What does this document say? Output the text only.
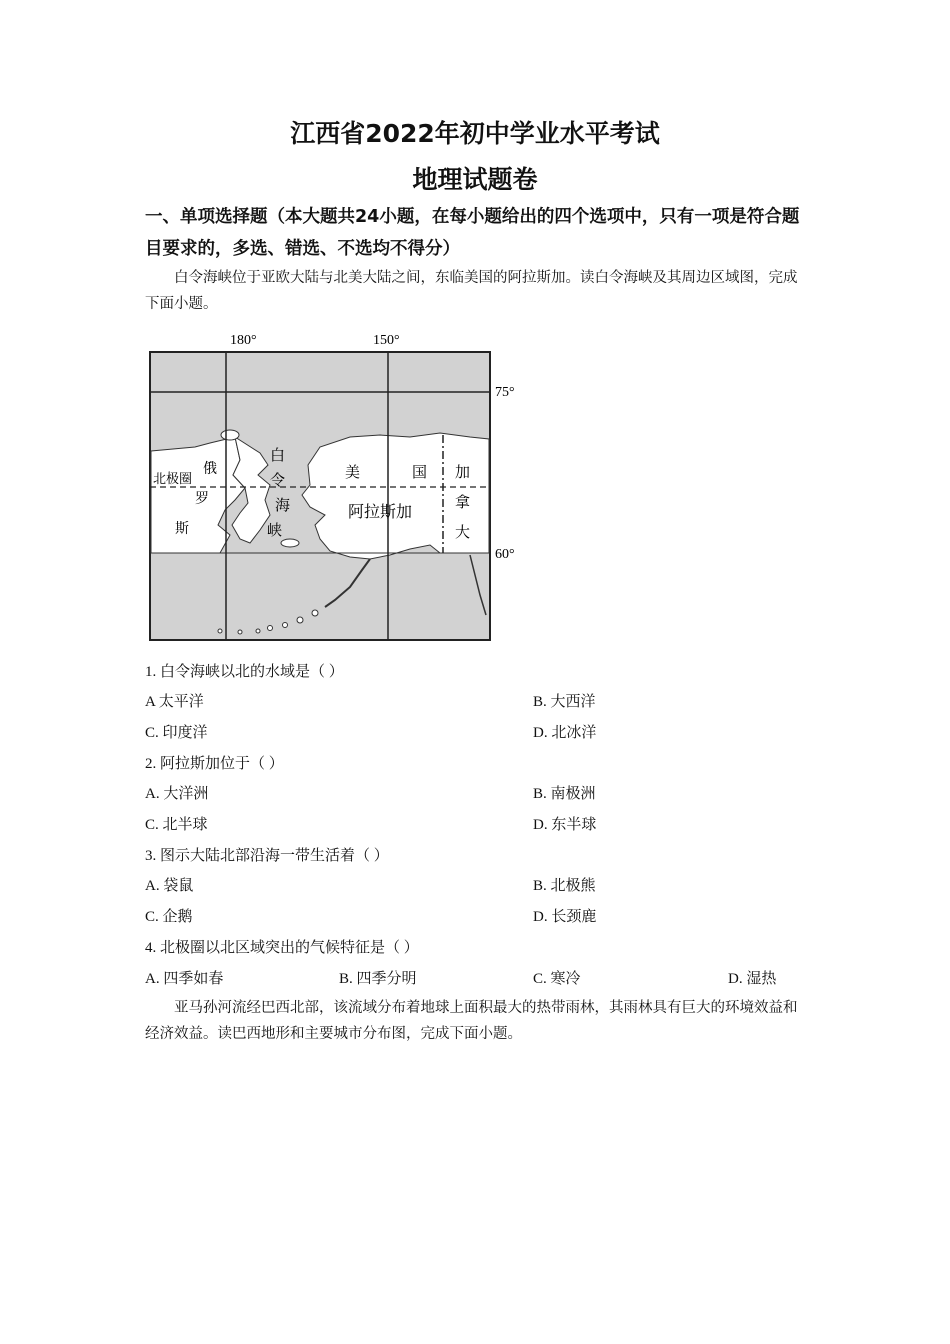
江西省2022年初中学业水平考试
地理试题卷
一、单项选择题（本大题共24小题，在每小题给出的四个选项中，只有一项是符合题目要求的，多选、错选、不选均不得分）
白令海峡位于亚欧大陆与北美大陆之间，东临美国的阿拉斯加。读白令海峡及其周边区域图，完成下面小题。
180°	150°
75°
60°
北极圈
俄
罗
斯
白
令
海
峡
美	国
阿拉斯加
加
拿
大
1. 白令海峡以北的水域是（ ）
A 太平洋	B. 大西洋
C. 印度洋	D. 北冰洋
2. 阿拉斯加位于（ ）
A. 大洋洲	B. 南极洲
C. 北半球	D. 东半球
3. 图示大陆北部沿海一带生活着（ ）
A. 袋鼠	B. 北极熊
C. 企鹅	D. 长颈鹿
4. 北极圈以北区域突出的气候特征是（ ）
A. 四季如春	B. 四季分明	C. 寒冷	D. 湿热
亚马孙河流经巴西北部，该流域分布着地球上面积最大的热带雨林，其雨林具有巨大的环境效益和经济效益。读巴西地形和主要城市分布图，完成下面小题。
